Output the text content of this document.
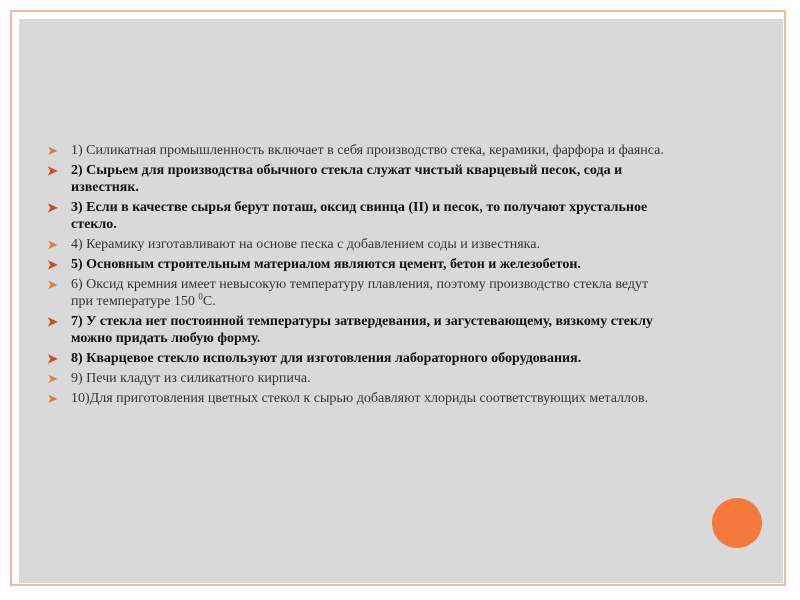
➤ 1) Силикатная промышленность включает в себя производство стека, керамики, фарфора и фаянса.
➤ 2) Сырьем для производства обычного стекла служат чистый кварцевый песок, сода и известняк.
➤ 3) Если в качестве сырья берут поташ, оксид свинца (II) и песок, то получают хрустальное стекло.
➤ 4) Керамику изготавливают на основе песка с добавлением соды и известняка.
➤ 5) Основным строительным материалом являются цемент, бетон и железобетон.
➤ 6) Оксид кремния имеет невысокую температуру плавления, поэтому производство стекла ведут при температуре 150 $^0$С.
➤ 7) У стекла нет постоянной температуры затвердевания, и загустевающему, вязкому стеклу можно придать любую форму.
➤ 8) Кварцевое стекло используют для изготовления лабораторного оборудования.
➤ 9) Печи кладут из силикатного кирпича.
➤ 10)Для приготовления цветных стекол к сырью добавляют хлориды соответствующих металлов.
